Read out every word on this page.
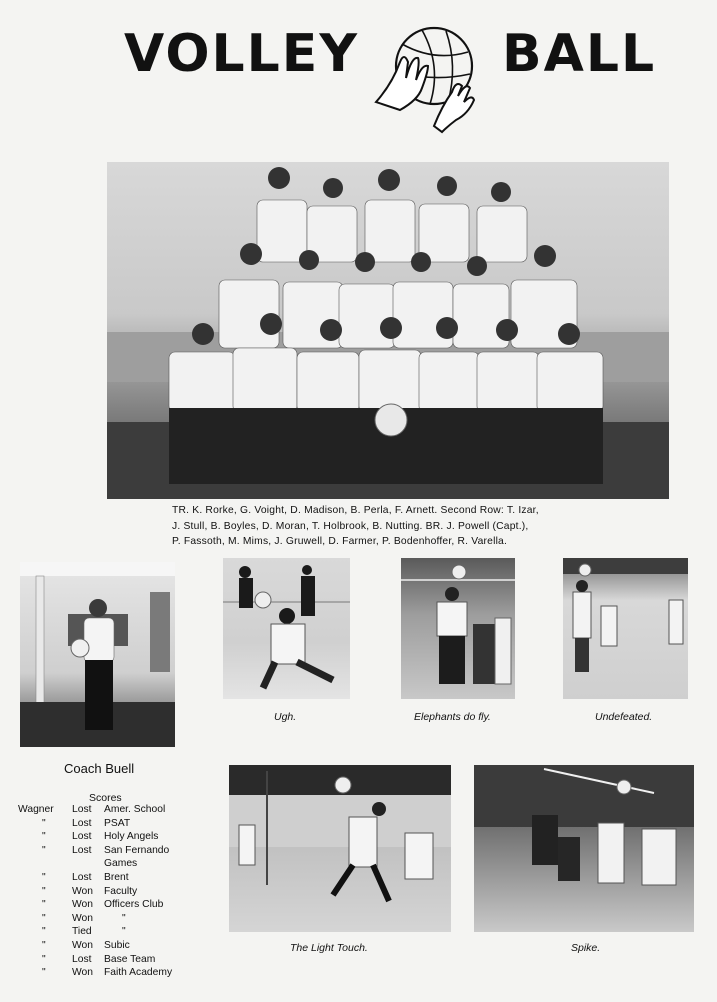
VOLLEY	BALL
TR. K. Rorke, G. Voight, D. Madison, B. Perla, F. Arnett. Second Row: T. Izar,
J. Stull, B. Boyles, D. Moran, T. Holbrook, B. Nutting. BR. J. Powell (Capt.),
P. Fassoth, M. Mims, J. Gruwell, D. Farmer, P. Bodenhoffer, R. Varella.
Coach Buell
Scores
Wagner	Lost Amer. School
"	Lost PSAT
"	Lost Holy Angels
"	Lost San Fernando
Games
"	Lost Brent
"	Won Faculty
"	Won Officers Club
"	Won	"
"	Tied	"
"	Won Subic
"	Lost Base Team
"	Won Faith Academy
Ugh.	Elephants do fly.	Undefeated.
The Light Touch.	Spike.
